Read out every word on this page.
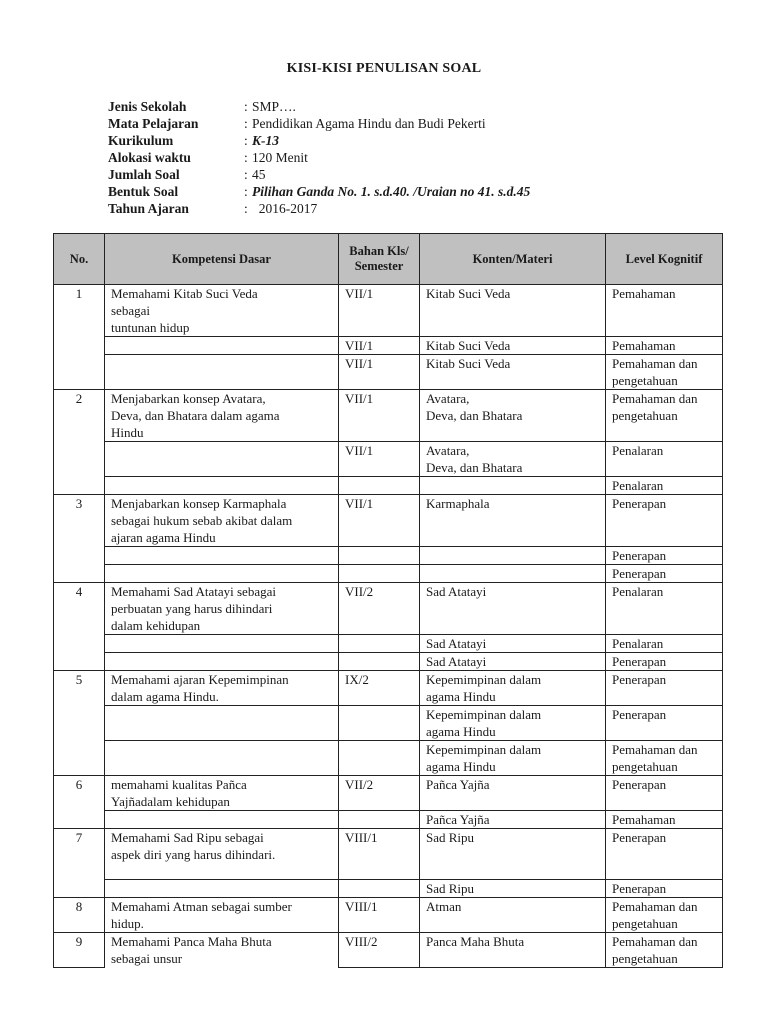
KISI-KISI PENULISAN SOAL
Jenis Sekolah	: SMP….
Mata Pelajaran	: Pendidikan Agama Hindu dan Budi Pekerti
Kurikulum	: K-13
Alokasi waktu	: 120 Menit
Jumlah Soal	: 45
Bentuk Soal	: Pilihan Ganda No. 1. s.d.40. /Uraian no 41. s.d.45
Tahun Ajaran	: 2016-2017
No.	Kompetensi Dasar	Bahan Kls/ Semester	Konten/Materi	Level Kognitif
1	Memahami Kitab Suci Veda
sebagai
tuntunan hidup	VII/1	Kitab Suci Veda	Pemahaman
		VII/1	Kitab Suci Veda	Pemahaman
		VII/1	Kitab Suci Veda	Pemahaman dan
pengetahuan
2	Menjabarkan konsep Avatara,
Deva, dan Bhatara dalam agama
Hindu	VII/1	Avatara,
Deva, dan Bhatara	Pemahaman dan
pengetahuan
		VII/1	Avatara,
Deva, dan Bhatara	Penalaran
				Penalaran
3	Menjabarkan konsep Karmaphala
sebagai hukum sebab akibat dalam
ajaran agama Hindu	VII/1	Karmaphala	Penerapan
				Penerapan
				Penerapan
4	Memahami Sad Atatayi sebagai
perbuatan yang harus dihindari
dalam kehidupan	VII/2	Sad Atatayi	Penalaran
			Sad Atatayi	Penalaran
			Sad Atatayi	Penerapan
5	Memahami ajaran Kepemimpinan
dalam agama Hindu.	IX/2	Kepemimpinan dalam
agama Hindu	Penerapan
			Kepemimpinan dalam
agama Hindu	Penerapan
			Kepemimpinan dalam
agama Hindu	Pemahaman dan
pengetahuan
6	memahami kualitas Pañca
Yajñadalam kehidupan	VII/2	Pañca Yajña	Penerapan
			Pañca Yajña	Pemahaman
7	Memahami Sad Ripu sebagai
aspek diri yang harus dihindari.	VIII/1	Sad Ripu	Penerapan
			Sad Ripu	Penerapan
8	Memahami Atman sebagai sumber
hidup.	VIII/1	Atman	Pemahaman dan
pengetahuan
9	Memahami Panca Maha Bhuta
sebagai unsur	VIII/2	Panca Maha Bhuta	Pemahaman dan
pengetahuan
